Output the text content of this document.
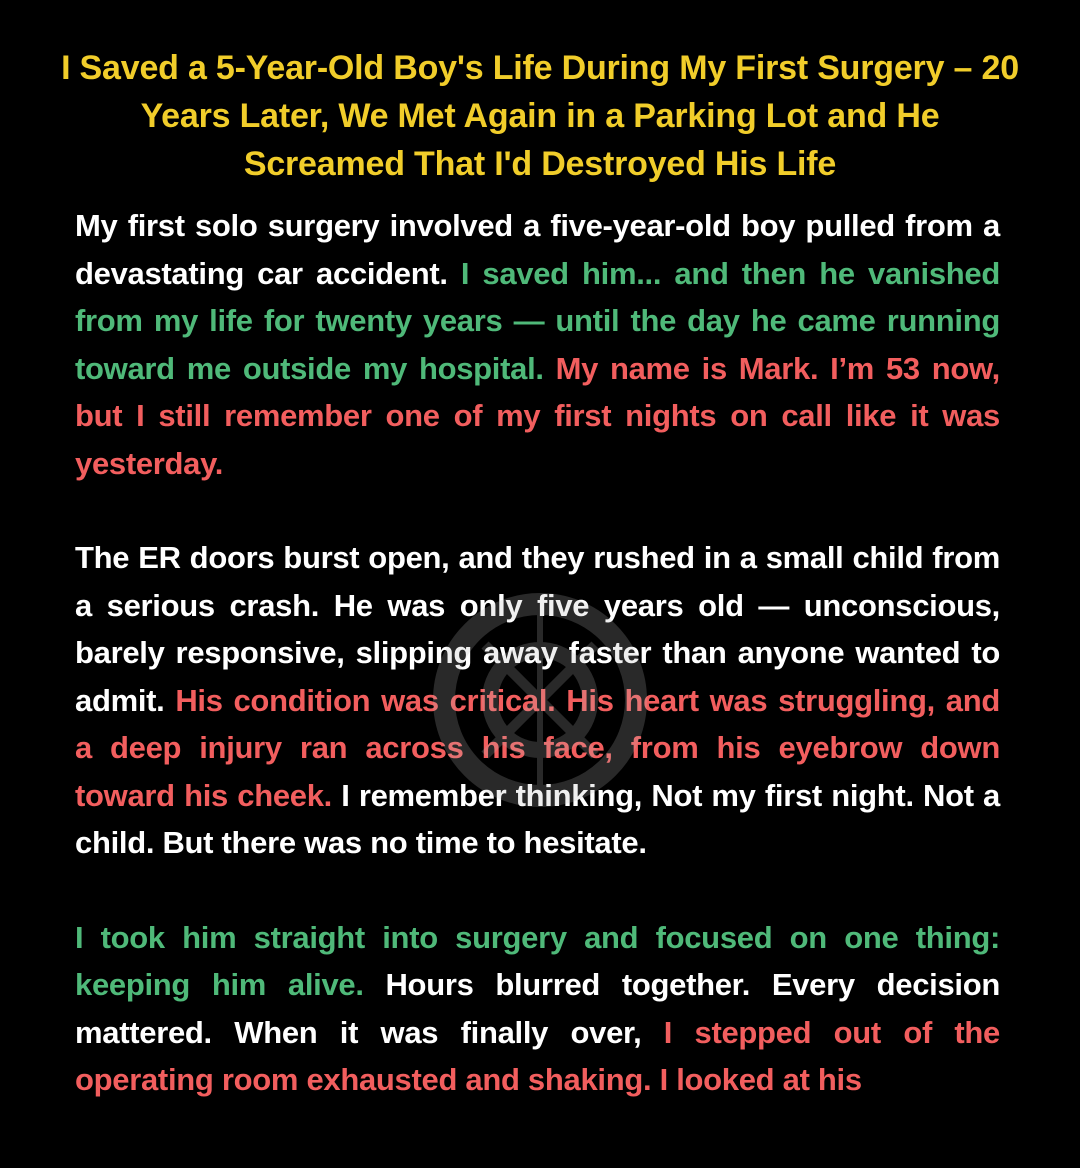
I Saved a 5-Year-Old Boy's Life During My First Surgery – 20 Years Later, We Met Again in a Parking Lot and He Screamed That I'd Destroyed His Life

My first solo surgery involved a five-year-old boy pulled from a devastating car accident. I saved him... and then he vanished from my life for twenty years — until the day he came running toward me outside my hospital. My name is Mark. I’m 53 now, but I still remember one of my first nights on call like it was yesterday.

The ER doors burst open, and they rushed in a small child from a serious crash. He was only five years old — unconscious, barely responsive, slipping away faster than anyone wanted to admit. His condition was critical. His heart was struggling, and a deep injury ran across his face, from his eyebrow down toward his cheek. I remember thinking, Not my first night. Not a child. But there was no time to hesitate.

I took him straight into surgery and focused on one thing: keeping him alive. Hours blurred together. Every decision mattered. When it was finally over, I stepped out of the operating room exhausted and shaking. I looked at his
